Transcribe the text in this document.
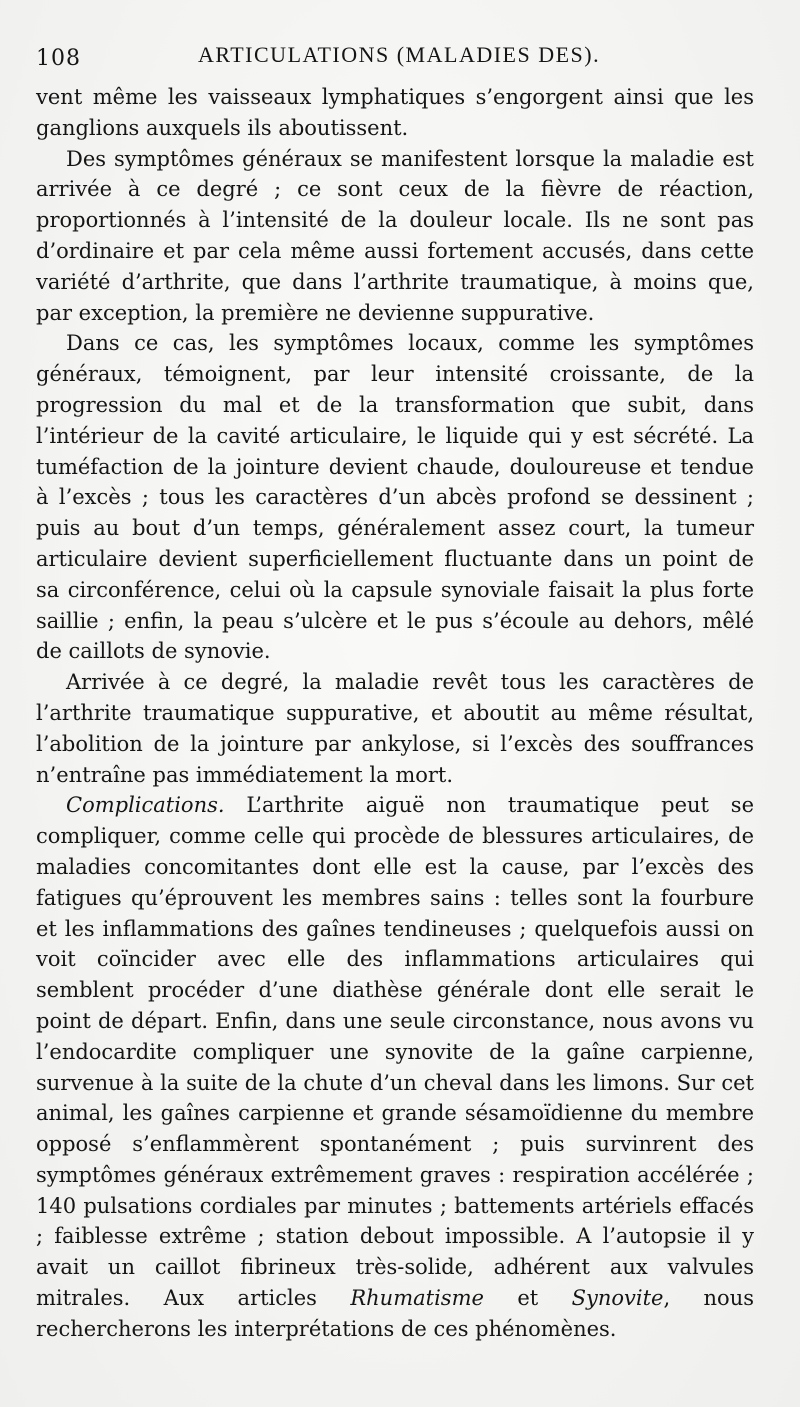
108	ARTICULATIONS (MALADIES DES).

vent même les vaisseaux lymphatiques s’engorgent ainsi que les ganglions auxquels ils aboutissent.

Des symptômes généraux se manifestent lorsque la maladie est arrivée à ce degré ; ce sont ceux de la fièvre de réaction, proportionnés à l’intensité de la douleur locale. Ils ne sont pas d’ordinaire et par cela même aussi fortement accusés, dans cette variété d’arthrite, que dans l’arthrite traumatique, à moins que, par exception, la première ne devienne suppurative.

Dans ce cas, les symptômes locaux, comme les symptômes généraux, témoignent, par leur intensité croissante, de la progression du mal et de la transformation que subit, dans l’intérieur de la cavité articulaire, le liquide qui y est sécrété. La tuméfaction de la jointure devient chaude, douloureuse et tendue à l’excès ; tous les caractères d’un abcès profond se dessinent ; puis au bout d’un temps, généralement assez court, la tumeur articulaire devient superficiellement fluctuante dans un point de sa circonférence, celui où la capsule synoviale faisait la plus forte saillie ; enfin, la peau s’ulcère et le pus s’écoule au dehors, mêlé de caillots de synovie.

Arrivée à ce degré, la maladie revêt tous les caractères de l’arthrite traumatique suppurative, et aboutit au même résultat, l’abolition de la jointure par ankylose, si l’excès des souffrances n’entraîne pas immédiatement la mort.

Complications. L’arthrite aiguë non traumatique peut se compliquer, comme celle qui procède de blessures articulaires, de maladies concomitantes dont elle est la cause, par l’excès des fatigues qu’éprouvent les membres sains : telles sont la fourbure et les inflammations des gaînes tendineuses ; quelquefois aussi on voit coïncider avec elle des inflammations articulaires qui semblent procéder d’une diathèse générale dont elle serait le point de départ. Enfin, dans une seule circonstance, nous avons vu l’endocardite compliquer une synovite de la gaîne carpienne, survenue à la suite de la chute d’un cheval dans les limons. Sur cet animal, les gaînes carpienne et grande sésamoïdienne du membre opposé s’enflammèrent spontanément ; puis survinrent des symptômes généraux extrêmement graves : respiration accélérée ; 140 pulsations cordiales par minutes ; battements artériels effacés ; faiblesse extrême ; station debout impossible. A l’autopsie il y avait un caillot fibrineux très-solide, adhérent aux valvules mitrales. Aux articles Rhumatisme et Synovite, nous rechercherons les interprétations de ces phénomènes.
